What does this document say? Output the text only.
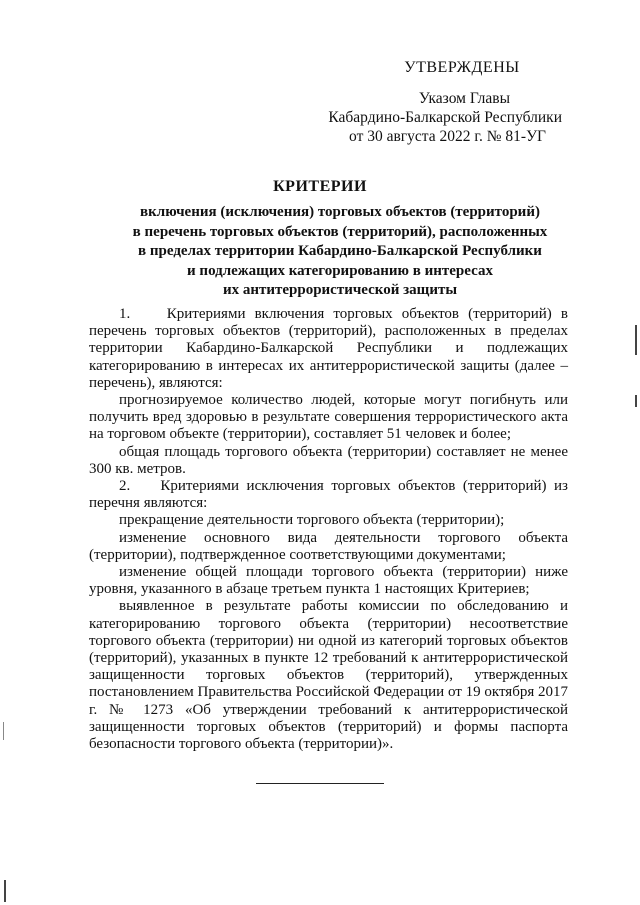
УТВЕРЖДЕНЫ
Указом Главы
Кабардино-Балкарской Республики
от 30 августа 2022 г. № 81-УГ
КРИТЕРИИ
включения (исключения) торговых объектов (территорий)
в перечень торговых объектов (территорий), расположенных
в пределах территории Кабардино-Балкарской Республики
и подлежащих категорированию в интересах
их антитеррористической защиты

1.    Критериями включения торговых объектов (территорий) в перечень торговых объектов (территорий), расположенных в пределах территории Кабардино-Балкарской Республики и подлежащих категорированию в интересах их антитеррористической защиты (далее – перечень), являются:

прогнозируемое количество людей, которые могут погибнуть или получить вред здоровью в результате совершения террористического акта на торговом объекте (территории), составляет 51 человек и более;

общая площадь торгового объекта (территории) составляет не менее 300 кв. метров.

2.    Критериями исключения торговых объектов (территорий) из перечня являются:

прекращение деятельности торгового объекта (территории);

изменение основного вида деятельности торгового объекта (территории), подтвержденное соответствующими документами;

изменение общей площади торгового объекта (территории) ниже уровня, указанного в абзаце третьем пункта 1 настоящих Критериев;

выявленное в результате работы комиссии по обследованию и категорированию торгового объекта (территории) несоответствие торгового объекта (территории) ни одной из категорий торговых объектов (территорий), указанных в пункте 12 требований к антитеррористической защищенности торговых объектов (территорий), утвержденных постановлением Правительства Российской Федерации от 19 октября 2017 г. № 1273 «Об утверждении требований к антитеррористической защищенности торговых объектов (территорий) и формы паспорта безопасности торгового объекта (территории)».
